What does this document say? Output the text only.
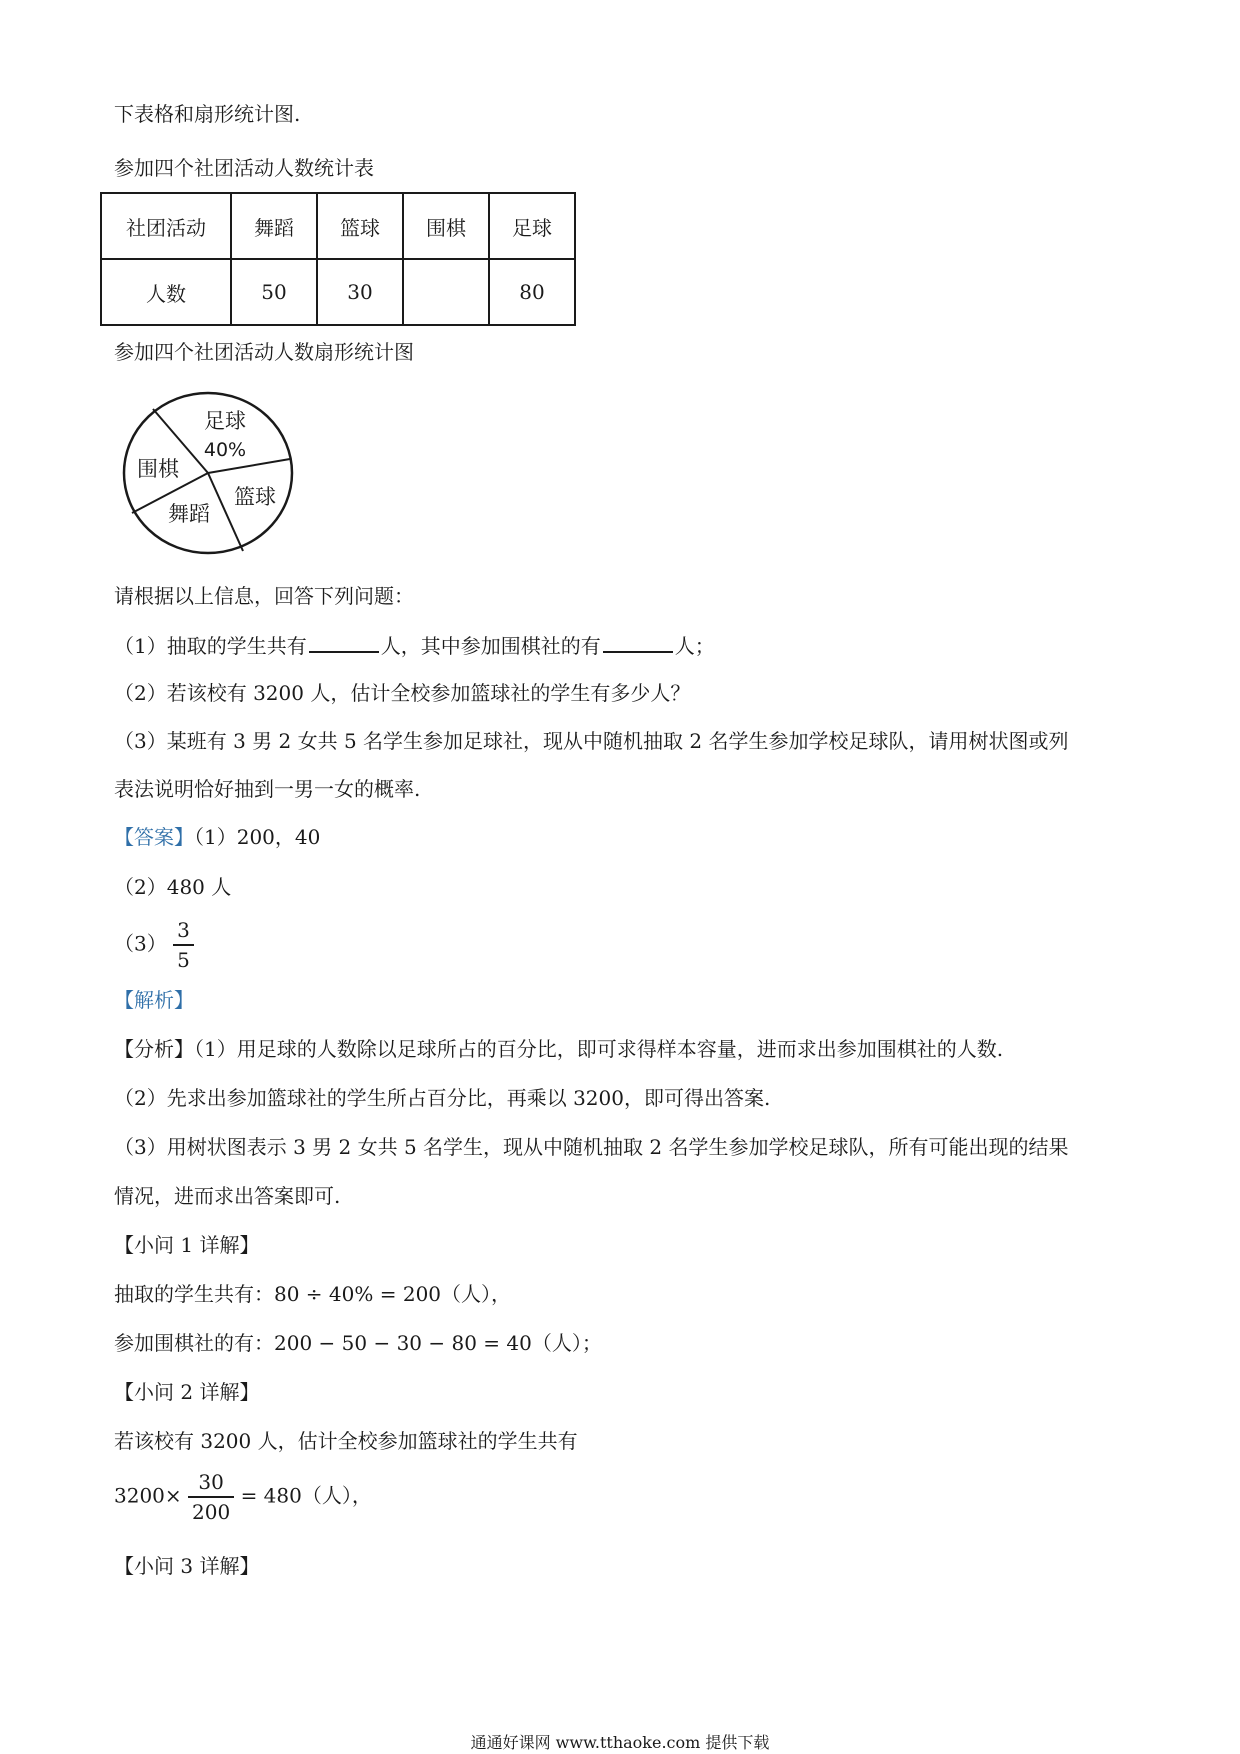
下表格和扇形统计图.
参加四个社团活动人数统计表
社团活动	舞蹈	篮球	围棋	足球
人数	50	30		80
参加四个社团活动人数扇形统计图
足球
40%
围棋
篮球
舞蹈
请根据以上信息，回答下列问题：
（1）抽取的学生共有	人，其中参加围棋社的有	人；
（2）若该校有 3200 人，估计全校参加篮球社的学生有多少人？
（3）某班有 3 男 2 女共 5 名学生参加足球社，现从中随机抽取 2 名学生参加学校足球队，请用树状图或列
表法说明恰好抽到一男一女的概率.
【答案】（1）200，40
（2）480 人
$(3) \frac{3}{5}$
【解析】
【分析】（1）用足球的人数除以足球所占的百分比，即可求得样本容量，进而求出参加围棋社的人数.
（2）先求出参加篮球社的学生所占百分比，再乘以 3200，即可得出答案.
（3）用树状图表示 3 男 2 女共 5 名学生，现从中随机抽取 2 名学生参加学校足球队，所有可能出现的结果
情况，进而求出答案即可.
【小问 1 详解】
抽取的学生共有：80 ÷ 40% = 200（人），
参加围棋社的有：200 − 50 − 30 − 80 = 40（人）；
【小问 2 详解】
若该校有 3200 人，估计全校参加篮球社的学生共有
$3200\times \frac{30}{200} = 480$（人），
【小问 3 详解】
通通好课网 www.tthaoke.com 提供下载
